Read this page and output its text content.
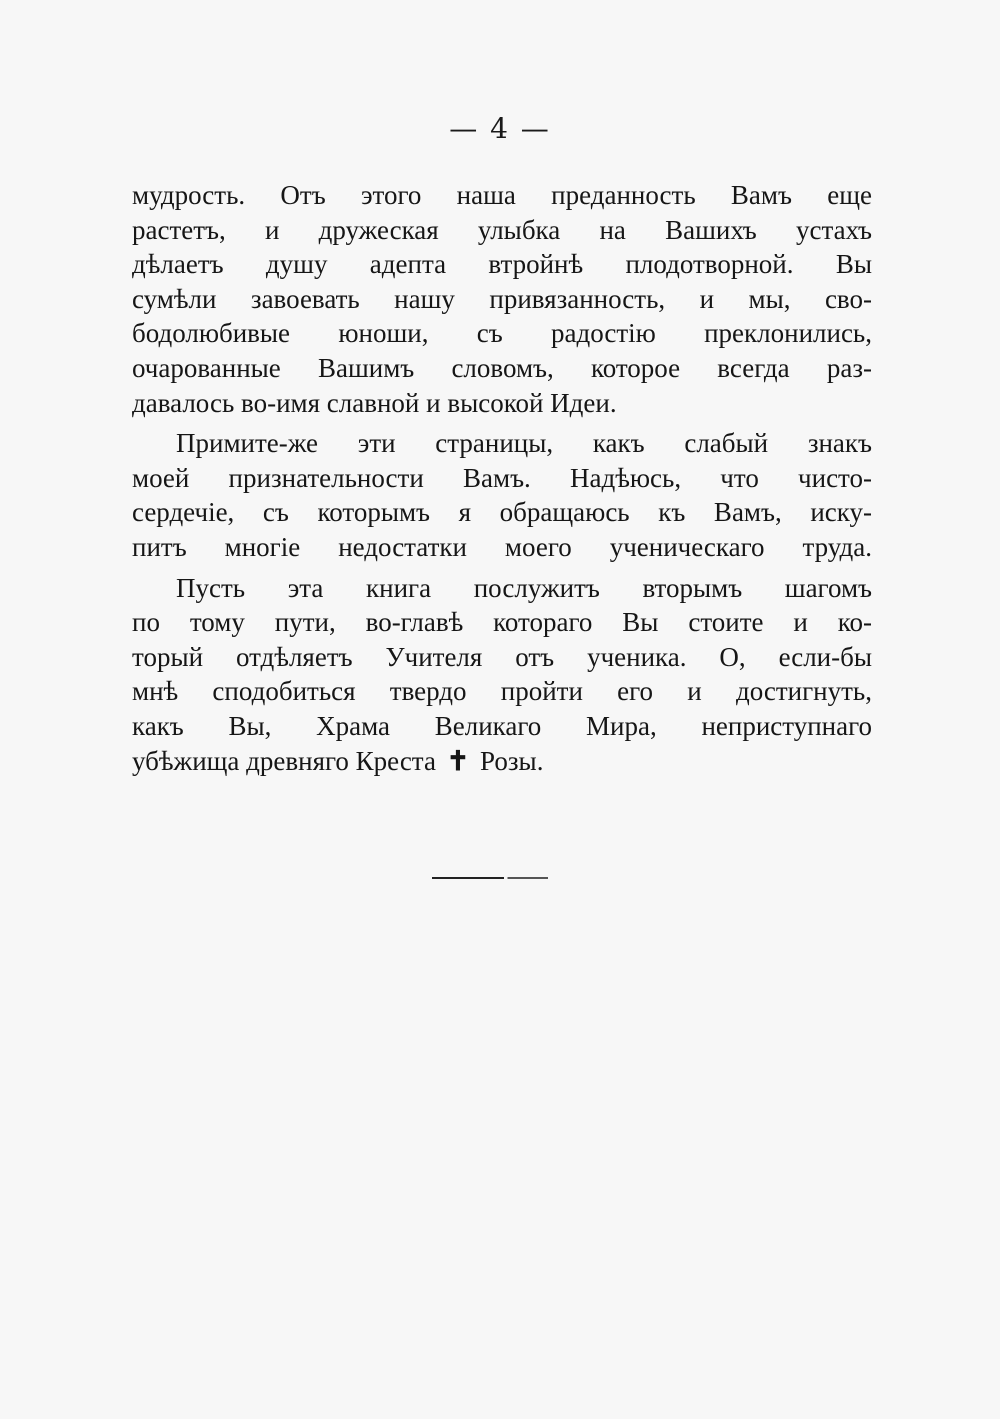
— 4 —
мудрость. Отъ этого наша преданность Вамъ еще
растетъ, и дружеская улыбка на Вашихъ устахъ
дѣлаетъ душу адепта втройнѣ плодотворной. Вы
сумѣли завоевать нашу привязанность, и мы, сво-
бодолюбивые юноши, съ радостію преклонились,
очарованные Вашимъ словомъ, которое всегда раз-
давалось во-имя славной и высокой Идеи.
Примите-же эти страницы, какъ слабый знакъ
моей признательности Вамъ. Надѣюсь, что чисто-
сердечіе, съ которымъ я обращаюсь къ Вамъ, иску-
питъ многіе недостатки моего ученическаго труда.
Пусть эта книга послужитъ вторымъ шагомъ
по тому пути, во-главѣ котораго Вы стоите и ко-
торый отдѣляетъ Учителя отъ ученика. О, если-бы
мнѣ сподобиться твердо пройти его и достигнуть,
какъ Вы, Храма Великаго Мира, неприступнаго
убѣжища древняго Креста ✝ Розы.
